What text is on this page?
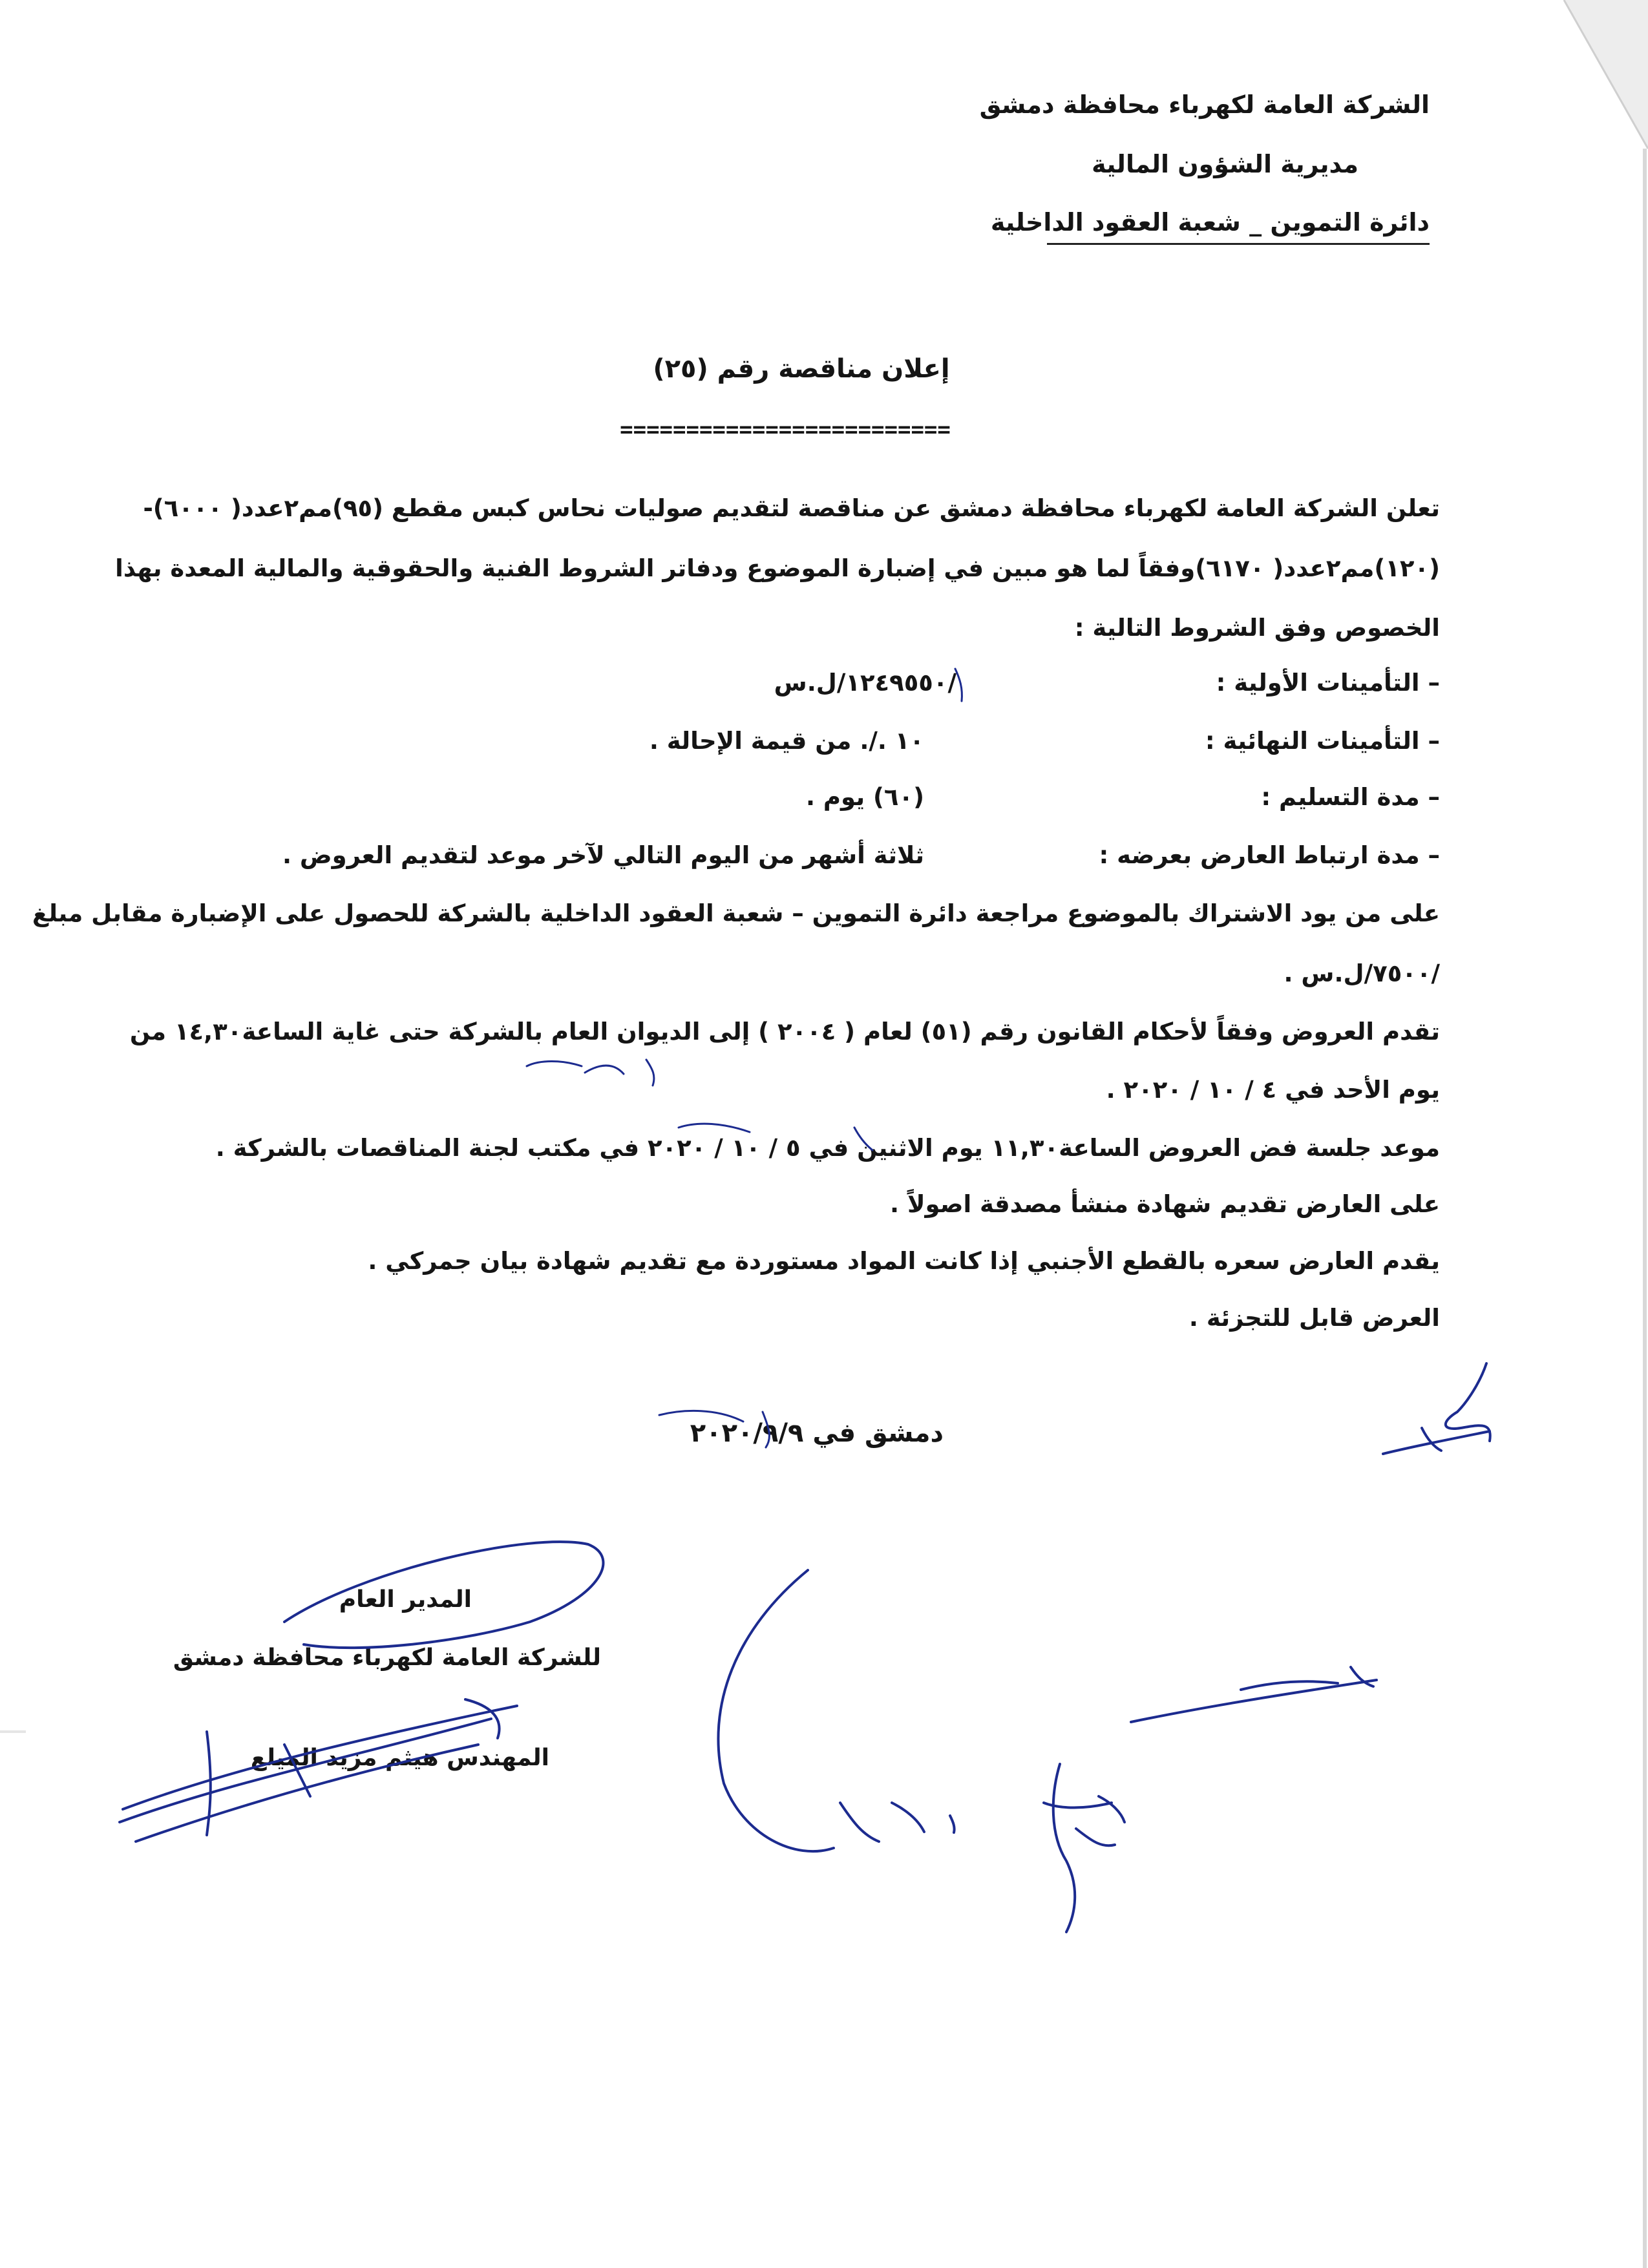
الشركة العامة لكهرباء محافظة دمشق
مديرية الشؤون المالية
دائرة التموين _ شعبة العقود الداخلية
إعلان مناقصة رقم (٢٥)
=========================
تعلن الشركة العامة لكهرباء محافظة دمشق عن مناقصة لتقديم صوليات نحاس كبس مقطع (٩٥)مم٢عدد( ٦٠٠٠)-
(١٢٠)مم٢عدد( ٦١٧٠)وفقاً لما هو مبين في إضبارة الموضوع ودفاتر الشروط الفنية والحقوقية والمالية المعدة بهذا
الخصوص وفق الشروط التالية :
– التأمينات الأولية :
/١٢٤٩٥٥٠/ل.س
– التأمينات النهائية :
١٠ ./. من قيمة الإحالة .
– مدة التسليم :
(٦٠) يوم .
– مدة ارتباط العارض بعرضه :
ثلاثة أشهر من اليوم التالي لآخر موعد لتقديم العروض .
على من يود الاشتراك بالموضوع مراجعة دائرة التموين – شعبة العقود الداخلية بالشركة للحصول على الإضبارة مقابل مبلغ
/٧٥٠٠/ل.س .
تقدم العروض وفقاً لأحكام القانون رقم (٥١) لعام ( ٢٠٠٤ ) إلى الديوان العام بالشركة حتى غاية الساعة١٤,٣٠ من
يوم الأحد في ٤ / ١٠ / ٢٠٢٠ .
موعد جلسة فض العروض الساعة١١,٣٠ يوم الاثنين في ٥ / ١٠ / ٢٠٢٠ في مكتب لجنة المناقصات بالشركة .
على العارض تقديم شهادة منشأ مصدقة اصولاً .
يقدم العارض سعره بالقطع الأجنبي إذا كانت المواد مستوردة مع تقديم شهادة بيان جمركي .
العرض قابل للتجزئة .
دمشق في ٢٠٢٠/٩/٩
المدير العام
للشركة العامة لكهرباء محافظة دمشق
المهندس هيثم مزيد الميلع
